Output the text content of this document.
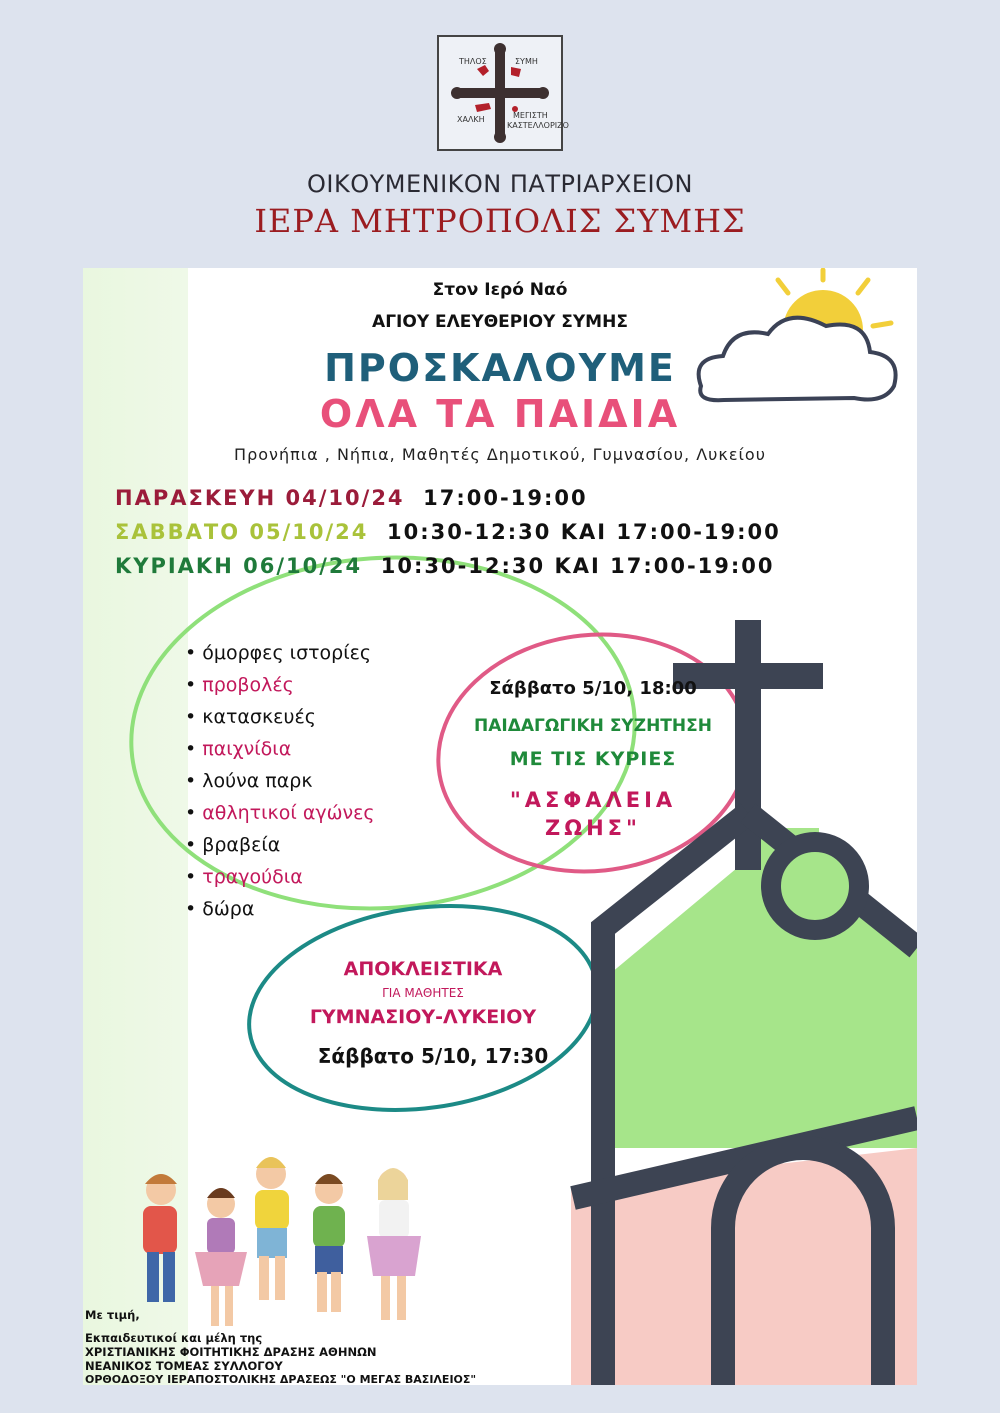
ΤΗΛΟΣ	ΣΥΜΗ
ΧΑΛΚΗ	ΜΕΓΙΣΤΗ
ΚΑΣΤΕΛΛΟΡΙΖΟ
ΟΙΚΟΥΜΕΝΙΚΟΝ ΠΑΤΡΙΑΡΧΕΙΟΝ
ΙΕΡΑ ΜΗΤΡΟΠΟΛΙΣ ΣΥΜΗΣ
Στον Ιερό Ναό
ΑΓΙΟΥ ΕΛΕΥΘΕΡΙΟΥ ΣΥΜΗΣ
ΠΡΟΣΚΑΛΟΥΜΕ
ΟΛΑ ΤΑ ΠΑΙΔΙΑ
Προνήπια , Νήπια, Μαθητές Δημοτικού, Γυμνασίου, Λυκείου
ΠΑΡΑΣΚΕΥΗ 04/10/24 17:00-19:00
ΣΑΒΒΑΤΟ 05/10/24 10:30-12:30 ΚΑΙ 17:00-19:00
ΚΥΡΙΑΚΗ 06/10/24 10:30-12:30 ΚΑΙ 17:00-19:00
• όμορφες ιστορίες
• προβολές
• κατασκευές
• παιχνίδια
• λούνα παρκ
• αθλητικοί αγώνες
• βραβεία
• τραγούδια
• δώρα
Σάββατο 5/10, 18:00
ΠΑΙΔΑΓΩΓΙΚΗ ΣΥΖΗΤΗΣΗ
ΜΕ ΤΙΣ ΚΥΡΙΕΣ
"ΑΣΦΑΛΕΙΑ
ΖΩΗΣ"
ΑΠΟΚΛΕΙΣΤΙΚΑ
ΓΙΑ ΜΑΘΗΤΕΣ
ΓΥΜΝΑΣΙΟΥ-ΛΥΚΕΙΟΥ
Σάββατο 5/10, 17:30
Με τιμή,
Εκπαιδευτικοί και μέλη της
ΧΡΙΣΤΙΑΝΙΚΗΣ ΦΟΙΤΗΤΙΚΗΣ ΔΡΑΣΗΣ ΑΘΗΝΩΝ
ΝΕΑΝΙΚΟΣ ΤΟΜΕΑΣ ΣΥΛΛΟΓΟΥ
ΟΡΘΟΔΟΞΟΥ ΙΕΡΑΠΟΣΤΟΛΙΚΗΣ ΔΡΑΣΕΩΣ "Ο ΜΕΓΑΣ ΒΑΣΙΛΕΙΟΣ"
